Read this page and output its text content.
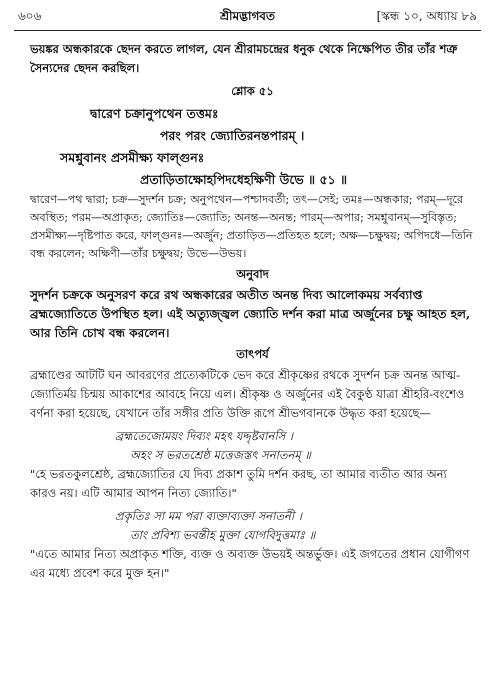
৬০৬	শ্রীমদ্ভাগবত	[স্কন্ধ ১০, অধ্যায় ৮৯

ভয়ঙ্কর অন্ধকারকে ছেদন করতে লাগল, যেন শ্রীরামচন্দ্রের ধনুক থেকে নিক্ষেপিত তীর তাঁর শত্রু সৈন্যদের ছেদন করছিল।

শ্লোক ৫১
দ্বারেণ চক্রানুপথেন তত্তমঃ
পরং পরং জ্যোতিরনন্তপারম্ ।
সমশ্নুবানং প্রসমীক্ষ্য ফাল্গুনঃ
প্রতাড়িতাক্ষোহপিদধেহক্ষিণী উভে ॥ ৫১ ॥

দ্বারেণ—পথ দ্বারা; চক্র—সুদর্শন চক্র; অনুপথেন—পশ্চাদবর্তী; তৎ—সেই; তমঃ—অন্ধকার; পরম্—দূরে অবস্থিত; পরম—অপ্রাকৃত; জ্যোতিঃ—জ্যোতি; অনন্ত—অনন্ত; পারম্—অপার; সমশ্নুবানম্—সুবিস্তৃত; প্রসমীক্ষ্য—দৃষ্টিপাত করে, ফাল্গুনঃ—অর্জুন; প্রতাড়িত—প্রতিহত হলে; অক্ষ—চক্ষুদ্বয়; অপিদধে—তিনি বন্ধ করলেন; অক্ষিণী—তাঁর চক্ষুদ্বয়; উভে—উভয়।

অনুবাদ

সুদর্শন চক্রকে অনুসরণ করে রথ অন্ধকারের অতীত অনন্ত দিব্য আলোকময় সর্বব্যাপ্ত ব্রহ্মজ্যোতিতে উপস্থিত হল। এই অত্যুজ্জ্বল জ্যোতি দর্শন করা মাত্র অর্জুনের চক্ষু আহত হল, আর তিনি চোখ বন্ধ করলেন।

তাৎপর্য

ব্রহ্মাণ্ডের আটটি ঘন আবরণের প্রত্যেকটিকে ভেদ করে শ্রীকৃষ্ণের রথকে সুদর্শন চক্র অনন্ত আত্ম-জ্যোতির্ময় চিন্ময় আকাশের আবহে নিয়ে এল। শ্রীকৃষ্ণ ও অর্জুনের এই বৈকুণ্ঠ যাত্রা শ্রীহরি-বংশেও বর্ণনা করা হয়েছে, যেখানে তাঁর সঙ্গীর প্রতি উক্তি রূপে শ্রীভগবানকে উদ্ধৃত করা হয়েছে—

ব্রহ্মতেজোময়ং দিব্যং মহৎ যদ্দৃষ্টবানসি ।
অহং স ভরতশ্রেষ্ঠ মত্তেজস্তৎ সনাতনম্ ॥

"হে ভরতকুলশ্রেষ্ঠ, ব্রহ্মজ্যোতির যে দিব্য প্রকাশ তুমি দর্শন করছ, তা আমার ব্যতীত আর অন্য কারও নয়। এটি আমার আপন নিত্য জ্যোতি।"

প্রকৃতিঃ সা মম পরা ব্যক্তাব্যক্তা সনাতনী ।
তাং প্রবিশ্য ভবন্তীহ মুক্তা যোগবিদুত্তমাঃ ॥

"এতে আমার নিত্য অপ্রাকৃত শক্তি, ব্যক্ত ও অব্যক্ত উভয়ই অন্তর্ভুক্ত। এই জগতের প্রধান যোগীগণ এর মধ্যে প্রবেশ করে মুক্ত হন।"
